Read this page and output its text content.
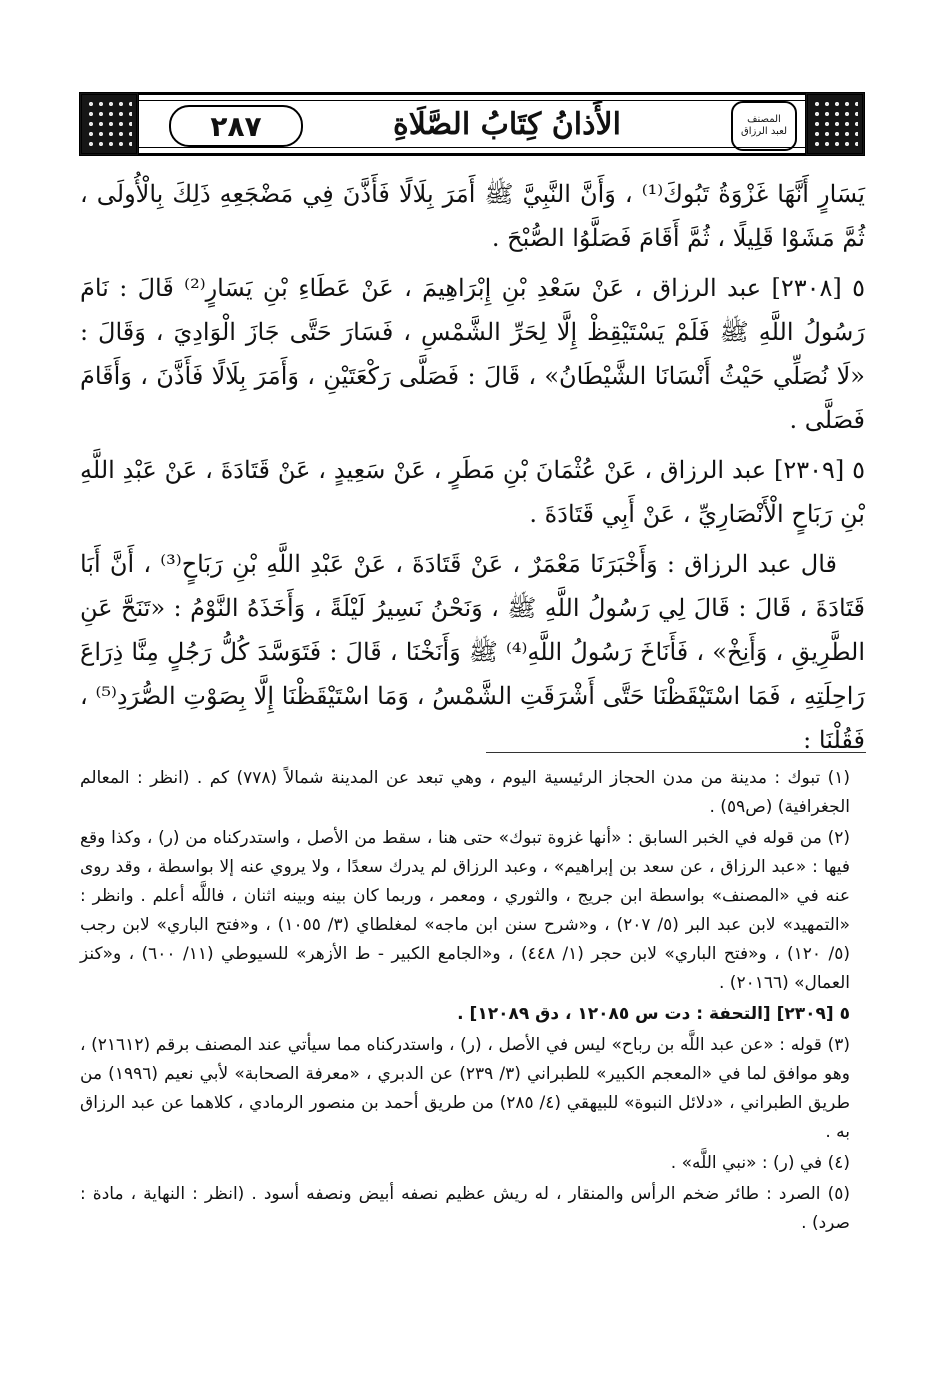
٢٨٧	الأَذانُ كِتَابُ الصَّلَاةِ	المصنف
لعبد الرزاق

يَسَارٍ أَنَّهَا غَزْوَةُ تَبُوكَ⁽¹⁾ ، وَأَنَّ النَّبِيَّ ﷺ أَمَرَ بِلَالًا فَأَذَّنَ فِي مَضْجَعِهِ ذَلِكَ بِالْأُولَى ، ثُمَّ مَشَوْا قَلِيلًا ، ثُمَّ أَقَامَ فَصَلَّوُا الصُّبْحَ .

٥ [٢٣٠٨] عبد الرزاق ، عَنْ سَعْدِ بْنِ إِبْرَاهِيمَ ، عَنْ عَطَاءِ بْنِ يَسَارٍ⁽²⁾ قَالَ : نَامَ رَسُولُ اللَّهِ ﷺ فَلَمْ يَسْتَيْقِظْ إِلَّا لِحَرِّ الشَّمْسِ ، فَسَارَ حَتَّى جَازَ الْوَادِيَ ، وَقَالَ : «لَا نُصَلِّي حَيْثُ أَنْسَانَا الشَّيْطَانُ» ، قَالَ : فَصَلَّى رَكْعَتَيْنِ ، وَأَمَرَ بِلَالًا فَأَذَّنَ ، وَأَقَامَ فَصَلَّى .

٥ [٢٣٠٩] عبد الرزاق ، عَنْ عُثْمَانَ بْنِ مَطَرٍ ، عَنْ سَعِيدٍ ، عَنْ قَتَادَةَ ، عَنْ عَبْدِ اللَّهِ بْنِ رَبَاحٍ الْأَنْصَارِيِّ ، عَنْ أَبِي قَتَادَةَ .

قال عبد الرزاق : وَأَخْبَرَنَا مَعْمَرٌ ، عَنْ قَتَادَةَ ، عَنْ عَبْدِ اللَّهِ بْنِ رَبَاحٍ⁽³⁾ ، أَنَّ أَبَا قَتَادَةَ ، قَالَ : قَالَ لِي رَسُولُ اللَّهِ ﷺ ، وَنَحْنُ نَسِيرُ لَيْلَةً ، وَأَخَذَهُ النَّوْمُ : «تَنَحَّ عَنِ الطَّرِيقِ ، وَأَنِخْ» ، فَأَنَاخَ رَسُولُ اللَّهِ⁽⁴⁾ ﷺ وَأَنَخْنَا ، قَالَ : فَتَوَسَّدَ كُلُّ رَجُلٍ مِنَّا ذِرَاعَ رَاحِلَتِهِ ، فَمَا اسْتَيْقَظْنَا حَتَّى أَشْرَقَتِ الشَّمْسُ ، وَمَا اسْتَيْقَظْنَا إِلَّا بِصَوْتِ الصُّرَدِ⁽⁵⁾ ، فَقُلْنَا :

(١) تبوك : مدينة من مدن الحجاز الرئيسية اليوم ، وهي تبعد عن المدينة شمالاً (٧٧٨) كم . (انظر : المعالم الجغرافية) (ص٥٩) .

(٢) من قوله في الخبر السابق : «أنها غزوة تبوك» حتى هنا ، سقط من الأصل ، واستدركناه من (ر) ، وكذا وقع فيها : «عبد الرزاق ، عن سعد بن إبراهيم» ، وعبد الرزاق لم يدرك سعدًا ، ولا يروي عنه إلا بواسطة ، وقد روى عنه في «المصنف» بواسطة ابن جريج ، والثوري ، ومعمر ، وربما كان بينه وبينه اثنان ، فاللَّه أعلم . وانظر : «التمهيد» لابن عبد البر (٥/ ٢٠٧) ، و«شرح سنن ابن ماجه» لمغلطاي (٣/ ١٠٥٥) ، و«فتح الباري» لابن رجب (٥/ ١٢٠) ، و«فتح الباري» لابن حجر (١/ ٤٤٨) ، و«الجامع الكبير - ط الأزهر» للسيوطي (١١/ ٦٠٠) ، و«كنز العمال» (٢٠١٦٦) .

٥ [٢٣٠٩] [التحفة : دت س ١٢٠٨٥ ، دق ١٢٠٨٩] .

(٣) قوله : «عن عبد اللَّه بن رباح» ليس في الأصل ، (ر) ، واستدركناه مما سيأتي عند المصنف برقم (٢١٦١٢) ، وهو موافق لما في «المعجم الكبير» للطبراني (٣/ ٢٣٩) عن الدبري ، «معرفة الصحابة» لأبي نعيم (١٩٩٦) من طريق الطبراني ، «دلائل النبوة» للبيهقي (٤/ ٢٨٥) من طريق أحمد بن منصور الرمادي ، كلاهما عن عبد الرزاق به .

(٤) في (ر) : «نبي اللَّه» .

(٥) الصرد : طائر ضخم الرأس والمنقار ، له ريش عظيم نصفه أبيض ونصفه أسود . (انظر : النهاية ، مادة : صرد) .
